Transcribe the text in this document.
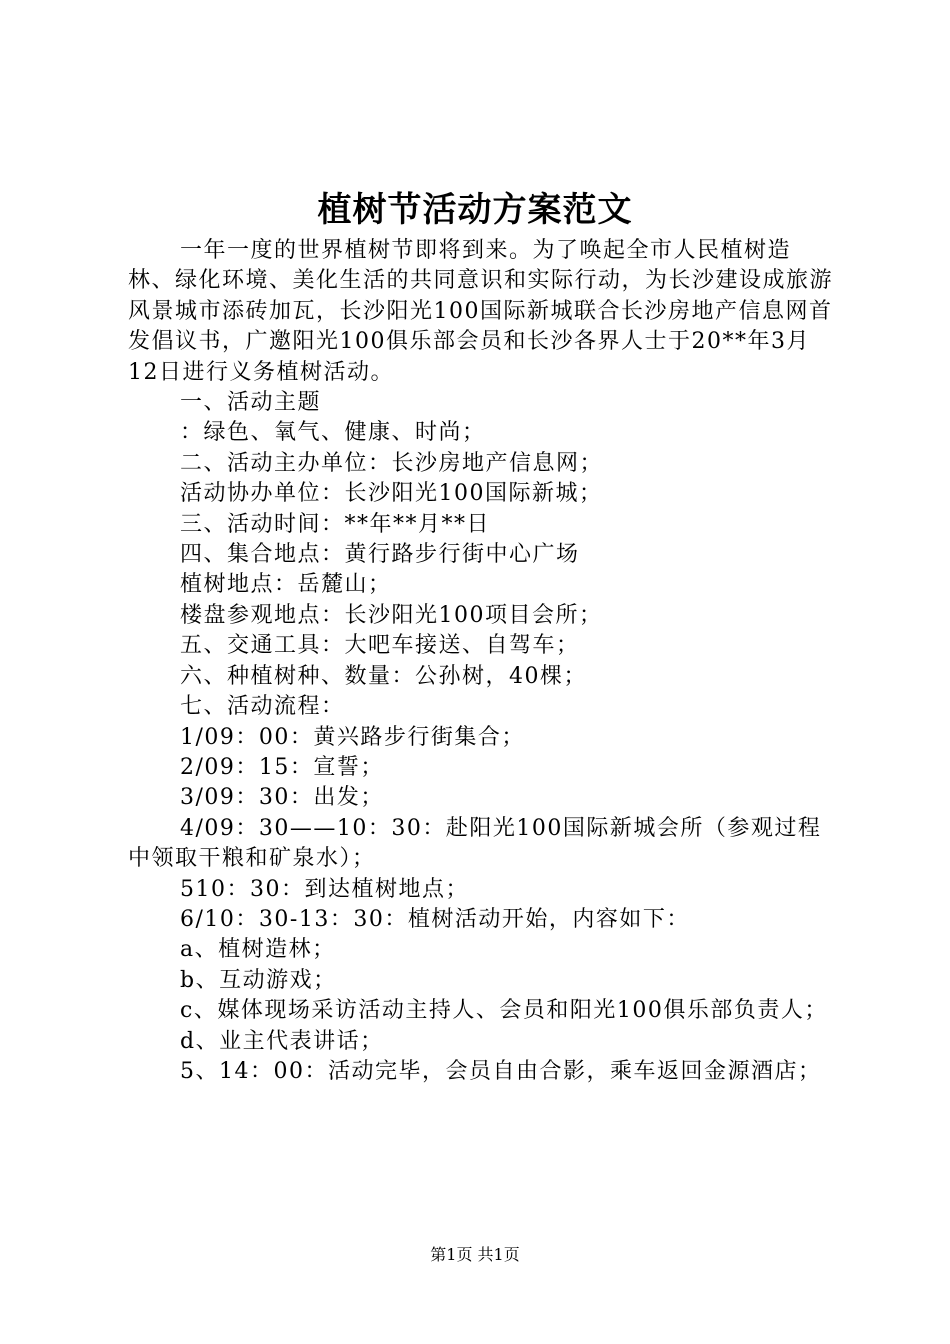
植树节活动方案范文

一年一度的世界植树节即将到来。为了唤起全市人民植树造林、绿化环境、美化生活的共同意识和实际行动，为长沙建设成旅游风景城市添砖加瓦，长沙阳光100国际新城联合长沙房地产信息网首发倡议书，广邀阳光100俱乐部会员和长沙各界人士于20**年3月12日进行义务植树活动。

一、活动主题
：绿色、氧气、健康、时尚；
二、活动主办单位：长沙房地产信息网；
活动协办单位：长沙阳光100国际新城；
三、活动时间：**年**月**日
四、集合地点：黄行路步行街中心广场
植树地点：岳麓山；
楼盘参观地点：长沙阳光100项目会所；
五、交通工具：大吧车接送、自驾车；
六、种植树种、数量：公孙树，40棵；
七、活动流程：
1/09：00：黄兴路步行街集合；
2/09：15：宣誓；
3/09：30：出发；

4/09：30——10：30：赴阳光100国际新城会所（参观过程中领取干粮和矿泉水）；

510：30：到达植树地点；
6/10：30-13：30：植树活动开始，内容如下：
a、植树造林；
b、互动游戏；

c、媒体现场采访活动主持人、会员和阳光100俱乐部负责人；

d、业主代表讲话；
5、14：00：活动完毕，会员自由合影，乘车返回金源酒店；
第1页 共1页
